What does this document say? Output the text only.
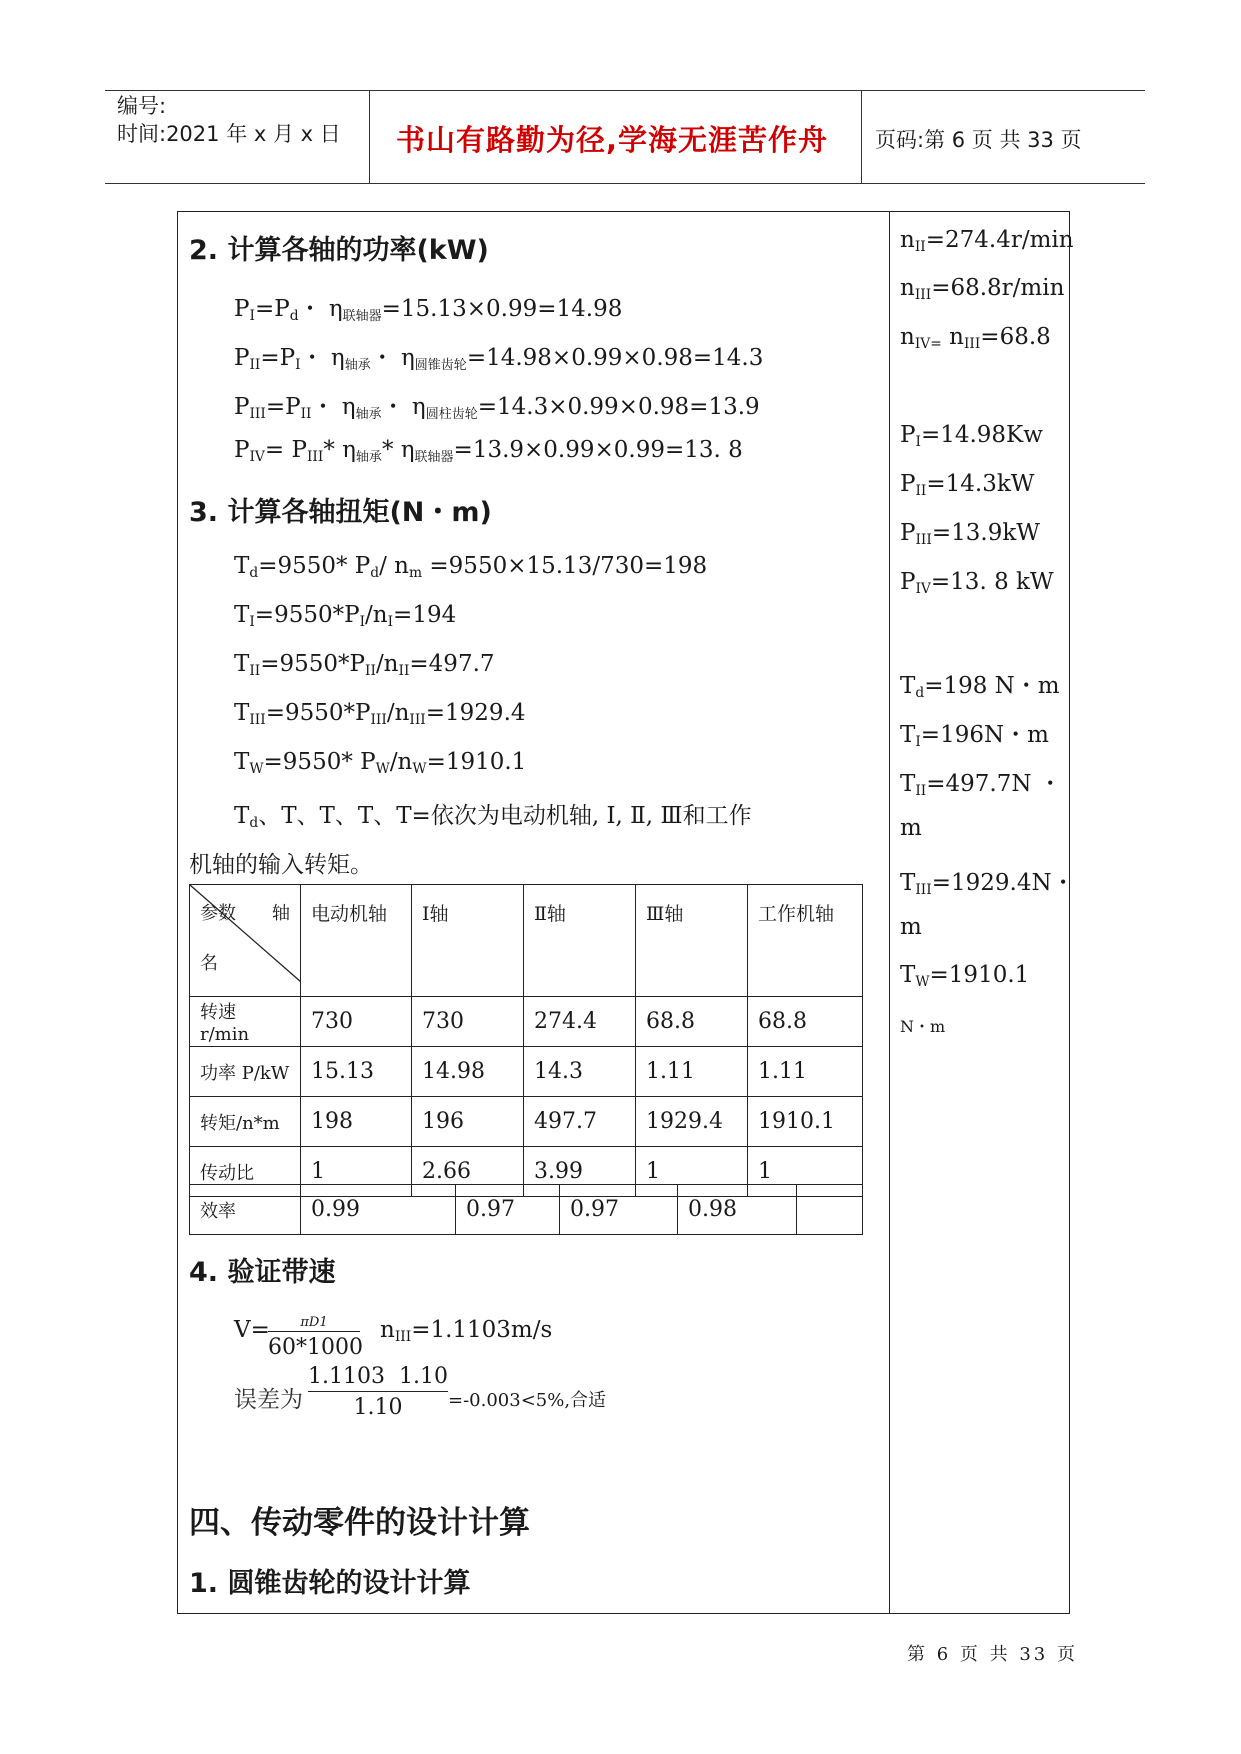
编号:
时间:2021 年 x 月 x 日	书山有路勤为径,学海无涯苦作舟	页码:第 6 页 共 33 页
2. 计算各轴的功率(kW)
$P_I=P_d$・ $\eta_{联轴器}=15.13\times 0.99=14.98$
$P_{II}=P_I$・ $\eta_{轴承}$・ $\eta_{圆锥齿轮}=14.98\times 0.99\times 0.98=14.3$
$P_{III}=P_{II}$・ $\eta_{轴承}$・ $\eta_{圆柱齿轮}=14.3\times 0.99\times 0.98=13.9$
$P_{IV}= P_{III}*$ $\eta_{轴承}*$ $\eta_{联轴器}=13.9\times 0.99\times 0.99=13$. 8
3. 计算各轴扭矩(N・m)
$T_d=9550*$ $P_d/$ $n_m =9550\times 15.13/730=198$
$T_I=9550*P_I/n_I=194$
$T_{II}=9550*P_{II}/n_{II}=497.7$
$T_{III}=9550*P_{III}/n_{III}=1929.4$
$T_W=9550*$ $P_W/n_W=1910.1$
$T_d$、T、T、T、T=依次为电动机轴, Ⅰ, Ⅱ, Ⅲ和工作
机轴的输入转矩。
参数 轴
名	电动机轴	Ⅰ轴	Ⅱ轴	Ⅲ轴	工作机轴
转速 r/min	730	730	274.4	68.8	68.8
功率 P/kW	15.13	14.98	14.3	1.11	1.11
转矩/n*m	198	196	497.7	1929.4	1910.1
传动比	1	2.66	3.99	1	1
效率	0.99	0.97	0.97	0.98	
4. 验证带速
V=	πD1
60*1000
$n_{III}=1.1103m/s$
误差为
1.1103  1.10
1.10	=-0.003<5%,合适
四、传动零件的设计计算
1. 圆锥齿轮的设计计算
$n_{II}=274.4r/\min$
$n_{III}=68.8r/\min$
$n_{IV=}$ $n_{III}=68.8$
$P_I=14.98Kw$
$P_{II}=14.3kW$
$P_{III}=13.9kW$
$P_{IV}=13$. 8 kW
$T_d=198$ N・m
$T_I=196N$・m
$T_{II}=497.7N$ ・
m
$T_{III}=1929.4N$・
m
$T_W=1910.1$
N・m
第 6 页 共 33 页
